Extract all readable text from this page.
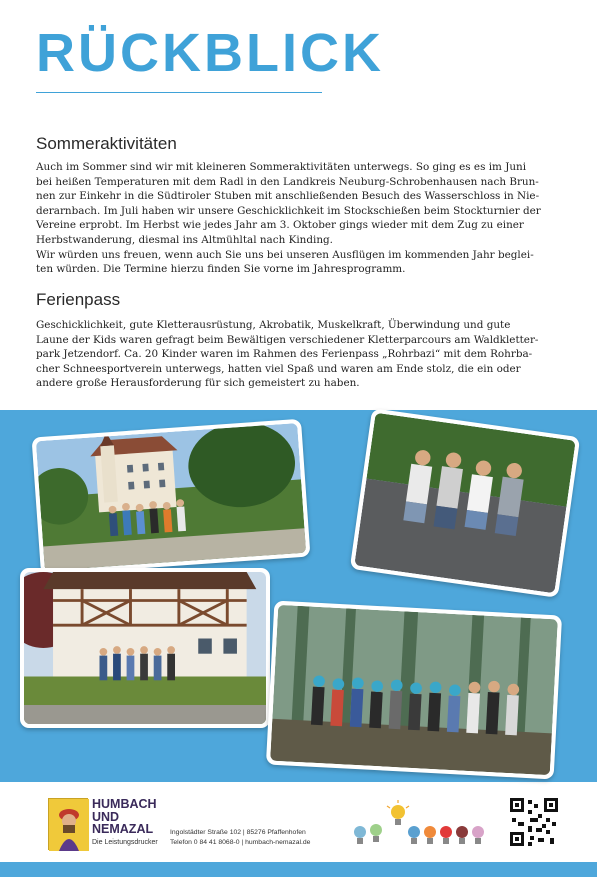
RÜCKBLICK
Sommeraktivitäten

Auch im Sommer sind wir mit kleineren Sommeraktivitäten unterwegs. So ging es es im Juni

bei heißen Temperaturen mit dem Radl in den Landkreis Neuburg-Schrobenhausen nach Brun-

nen zur Einkehr in die Südtiroler Stuben mit anschließenden Besuch des Wasserschloss in Nie-

derarnbach. Im Juli haben wir unsere Geschicklichkeit im Stockschießen beim Stockturnier der

Vereine erprobt. Im Herbst wie jedes Jahr am 3. Oktober gings wieder mit dem Zug zu einer

Herbstwanderung, diesmal ins Altmühltal nach Kinding.

Wir würden uns freuen, wenn auch Sie uns bei unseren Ausflügen im kommenden Jahr beglei-

ten würden. Die Termine hierzu finden Sie vorne im Jahresprogramm.

Ferienpass

Geschicklichkeit, gute Kletterausrüstung, Akrobatik, Muskelkraft, Überwindung und gute

Laune der Kids waren gefragt beim Bewältigen verschiedener Kletterparcours am Waldkletter-

park Jetzendorf. Ca. 20 Kinder waren im Rahmen des Ferienpass „Rohrbazi“ mit dem Rohrba-

cher Schneesportverein unterwegs, hatten viel Spaß und waren am Ende stolz, die ein oder

andere große Herausforderung für sich gemeistert zu haben.

HUMBACH
UND
NEMAZAL
Die Leistungsdrucker
Ingolstädter Straße 102 | 85276 Pfaffenhofen
Telefon 0 84 41 8068-0 | humbach-nemazal.de
